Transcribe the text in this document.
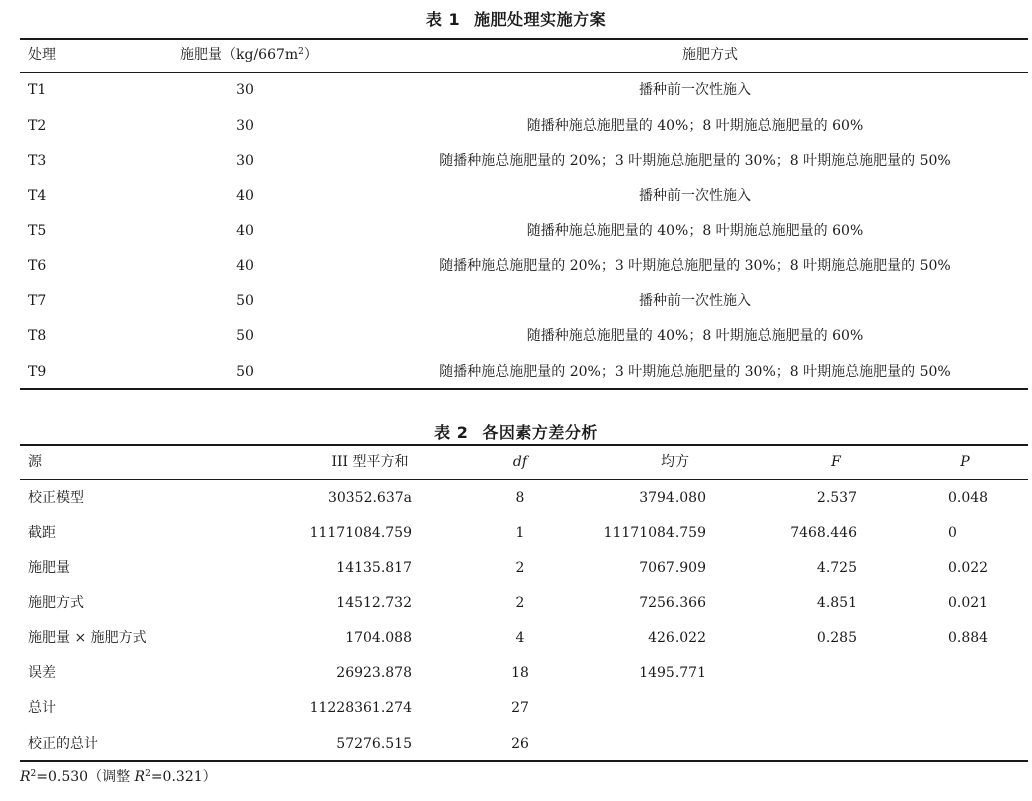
表 1 施肥处理实施方案
处理	施肥量$(kg/667m^2)$	施肥方式
T1	30	播种前一次性施入
T2	30	随播种施总施肥量的 40%；8 叶期施总施肥量的 60%
T3	30	随播种施总施肥量的 20%；3 叶期施总施肥量的 30%；8 叶期施总施肥量的 50%
T4	40	播种前一次性施入
T5	40	随播种施总施肥量的 40%；8 叶期施总施肥量的 60%
T6	40	随播种施总施肥量的 20%；3 叶期施总施肥量的 30%；8 叶期施总施肥量的 50%
T7	50	播种前一次性施入
T8	50	随播种施总施肥量的 40%；8 叶期施总施肥量的 60%
T9	50	随播种施总施肥量的 20%；3 叶期施总施肥量的 30%；8 叶期施总施肥量的 50%
表 2 各因素方差分析
源	III 型平方和	df	均方	F	P
校正模型	30352.637a	8	3794.080	2.537	0.048
截距	11171084.759	1	11171084.759	7468.446	0
施肥量	14135.817	2	7067.909	4.725	0.022
施肥方式	14512.732	2	7256.366	4.851	0.021
施肥量 × 施肥方式	1704.088	4	426.022	0.285	0.884
误差	26923.878	18	1495.771
总计	11228361.274	27
校正的总计	57276.515	26
$R^2=0.530$（调整 $R^2=0.321$）
